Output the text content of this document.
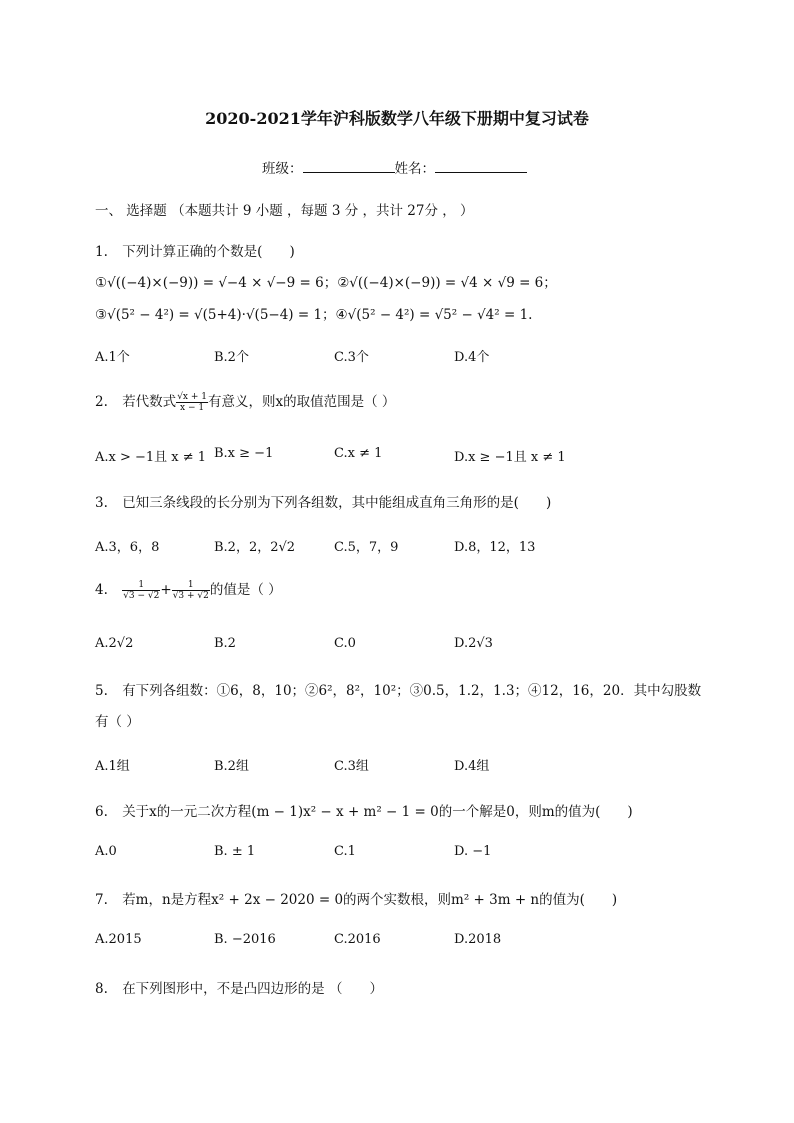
2020-2021学年沪科版数学八年级下册期中复习试卷
班级：	姓名：
一、 选择题 （本题共计 9 小题 ，每题 3 分 ，共计 27分 ， ）
1. 下列计算正确的个数是(　　)
①√((−4)×(−9)) = √−4 × √−9 = 6；②√((−4)×(−9)) = √4 × √9 = 6；
③√(5² − 4²) = √(5+4)·√(5−4) = 1；④√(5² − 4²) = √5² − √4² = 1.
A.1个	B.2个	C.3个	D.4个
2. 若代数式 $\frac{√x + 1}{x - 1}$ 有意义，则x的取值范围是（ ）
A.x > −1且 x ≠ 1 B.x ≥ −1	C.x ≠ 1	D.x ≥ −1且 x ≠ 1
3. 已知三条线段的长分别为下列各组数，其中能组成直角三角形的是(　　)
A.3，6，8	B.2，2，2√2	C.5，7，9	D.8，12，13
4. $\frac{1}{√3 - √2} + \frac{1}{√3 + √2}$ 的值是（ ）
A.2√2	B.2	C.0	D.2√3
5. 有下列各组数：①6，8，10；②6²，8²，10²；③0.5，1.2，1.3；④12，16，20．其中勾股数
有（ ）
A.1组	B.2组	C.3组	D.4组
6. 关于x的一元二次方程(m − 1)x² − x + m² − 1 = 0的一个解是0，则m的值为(　　)
A.0	B. ± 1	C.1	D. −1
7. 若m，n是方程x² + 2x − 2020 = 0的两个实数根，则m² + 3m + n的值为(　　)
A.2015	B. −2016	C.2016	D.2018
8. 在下列图形中，不是凸四边形的是 （　　）
